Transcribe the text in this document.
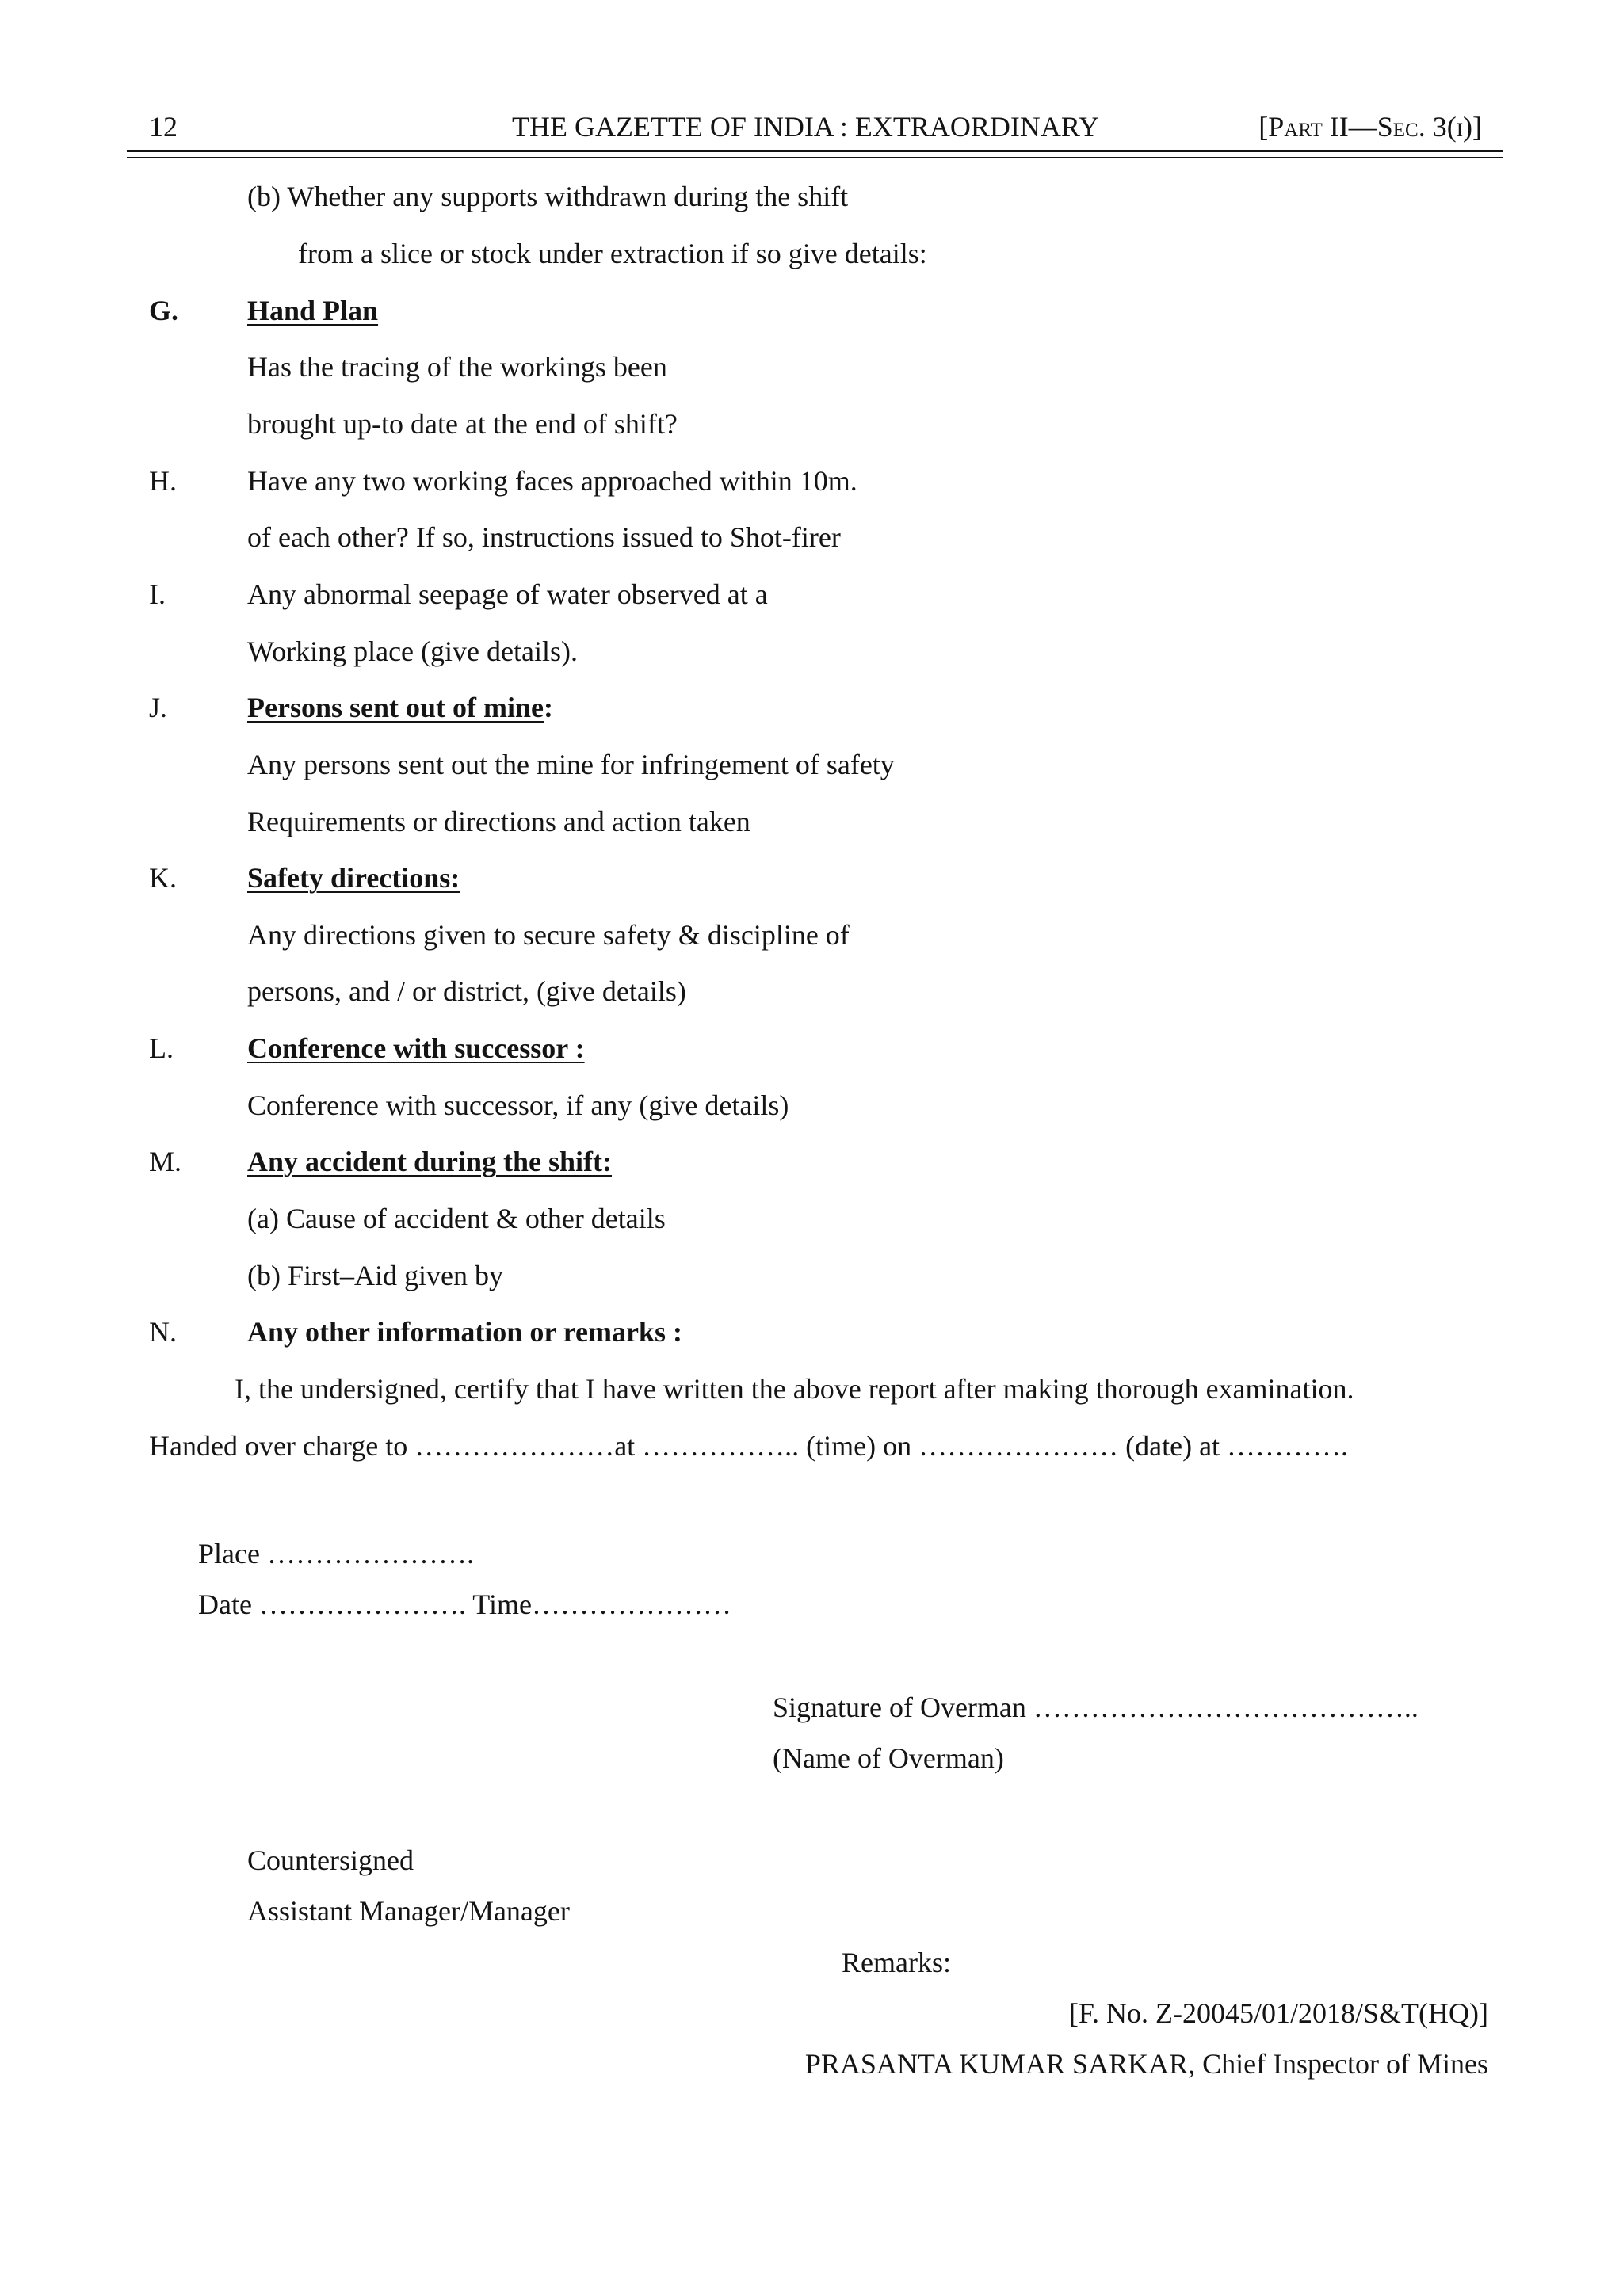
12	THE GAZETTE OF INDIA : EXTRAORDINARY	[Part II—Sec. 3(i)]
(b) Whether any supports withdrawn during the shift
from a slice or stock under extraction if so give details:
G. Hand Plan
Has the tracing of the workings been
brought up-to date at the end of shift?
H. Have any two working faces approached within 10m.
of each other? If so, instructions issued to Shot-firer
I.	Any abnormal seepage of water observed at a
Working place (give details).
J.	Persons sent out of mine:
Any persons sent out the mine for infringement of safety
Requirements or directions and action taken
K. Safety directions:
Any directions given to secure safety & discipline of
persons, and / or district, (give details)
L.	Conference with successor :
Conference with successor, if any (give details)
M. Any accident during the shift:
(a) Cause of accident & other details
(b) First–Aid given by
N. Any other information or remarks :
I, the undersigned, certify that I have written the above report after making thorough examination.
Handed over charge to …………………at …………….. (time) on ………………… (date) at ………….
Place ………………….
Date …………………. Time…………………
Signature of Overman …………………………………..
(Name of Overman)
Countersigned
Assistant Manager/Manager
Remarks:
[F. No. Z-20045/01/2018/S&T(HQ)]
PRASANTA KUMAR SARKAR, Chief Inspector of Mines
